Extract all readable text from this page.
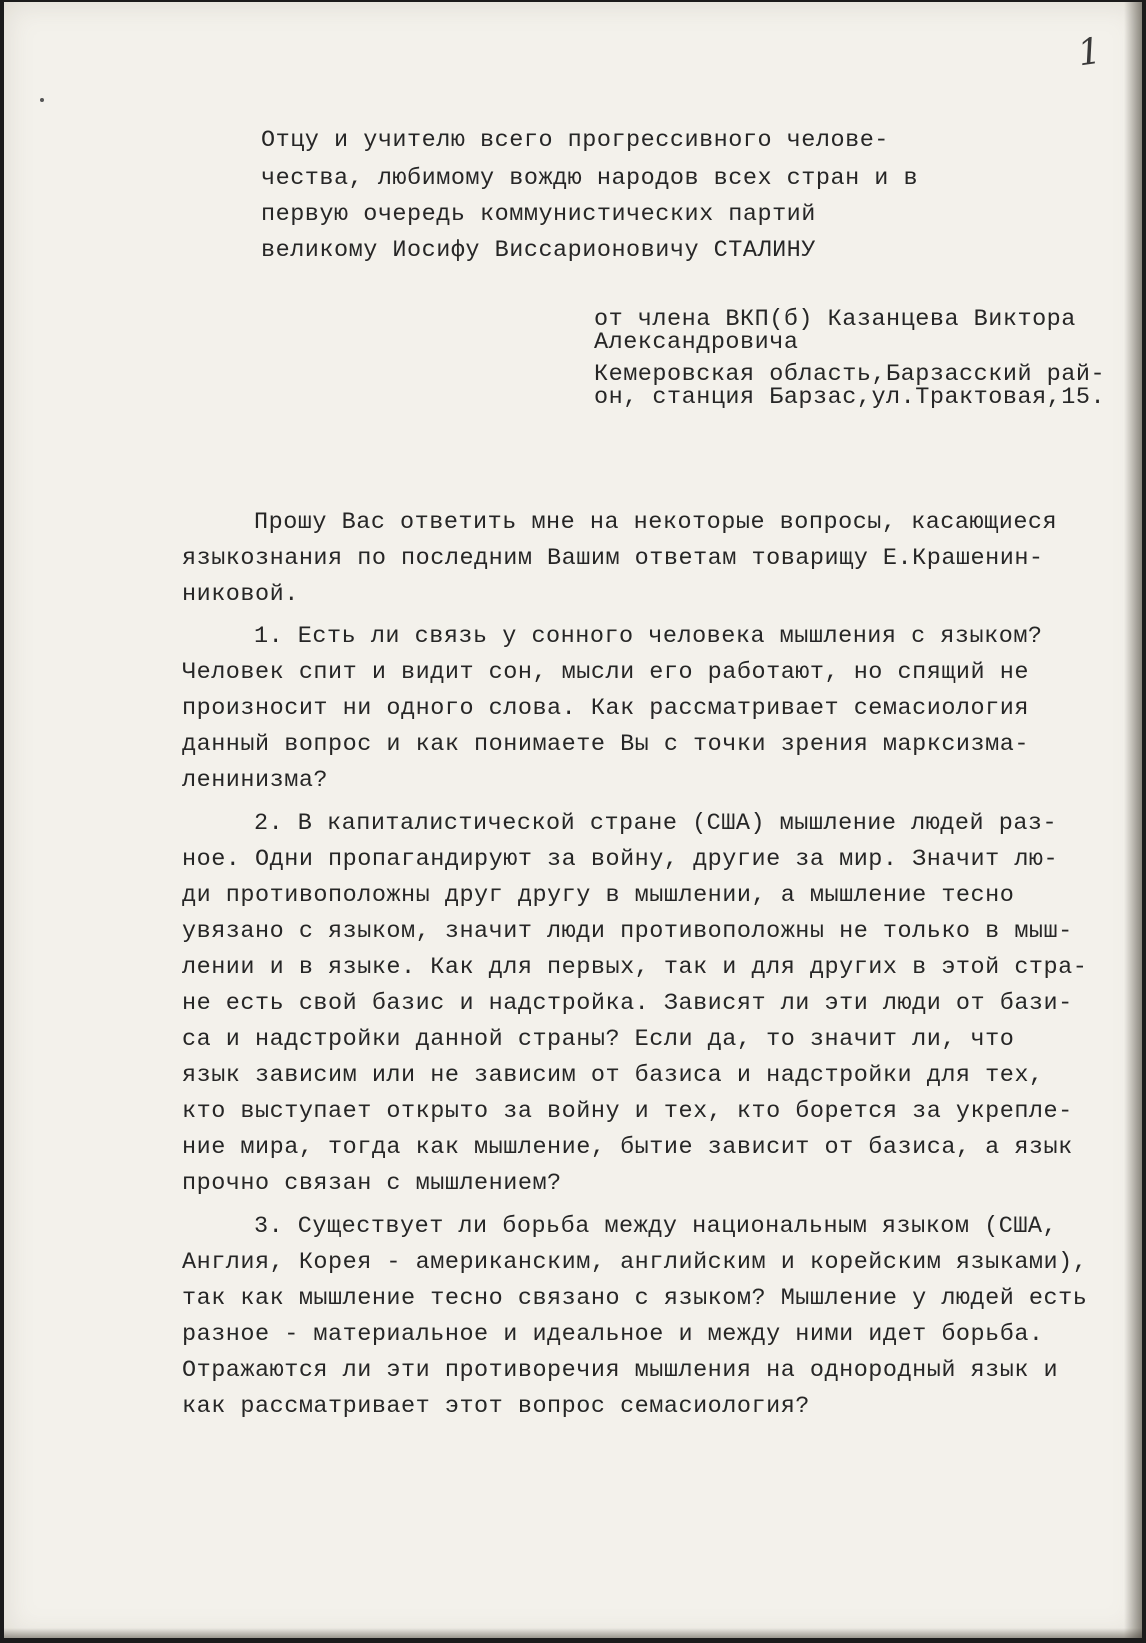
1
Отцу и учителю всего прогрессивного челове-
чества, любимому вождю народов всех стран и в
первую очередь коммунистических партий
великому Иосифу Виссарионовичу СТАЛИНУ
от члена ВКП(б) Казанцева Виктора
Александровича
Кемеровская область,Барзасский рай-
он, станция Барзас,ул.Трактовая,15.
Прошу Вас ответить мне на некоторые вопросы, касающиеся
языкознания по последним Вашим ответам товарищу Е.Крашенин-
никовой.
1. Есть ли связь у сонного человека мышления с языком?
Человек спит и видит сон, мысли его работают, но спящий не
произносит ни одного слова. Как рассматривает семасиология
данный вопрос и как понимаете Вы с точки зрения марксизма-
ленинизма?
2. В капиталистической стране (США) мышление людей раз-
ное. Одни пропагандируют за войну, другие за мир. Значит лю-
ди противоположны друг другу в мышлении, а мышление тесно
увязано с языком, значит люди противоположны не только в мыш-
лении и в языке. Как для первых, так и для других в этой стра-
не есть свой базис и надстройка. Зависят ли эти люди от бази-
са и надстройки данной страны? Если да, то значит ли, что
язык зависим или не зависим от базиса и надстройки для тех,
кто выступает открыто за войну и тех, кто борется за укрепле-
ние мира, тогда как мышление, бытие зависит от базиса, а язык
прочно связан с мышлением?
3. Существует ли борьба между национальным языком (США,
Англия, Корея - американским, английским и корейским языками),
так как мышление тесно связано с языком? Мышление у людей есть
разное - материальное и идеальное и между ними идет борьба.
Отражаются ли эти противоречия мышления на однородный язык и
как рассматривает этот вопрос семасиология?
